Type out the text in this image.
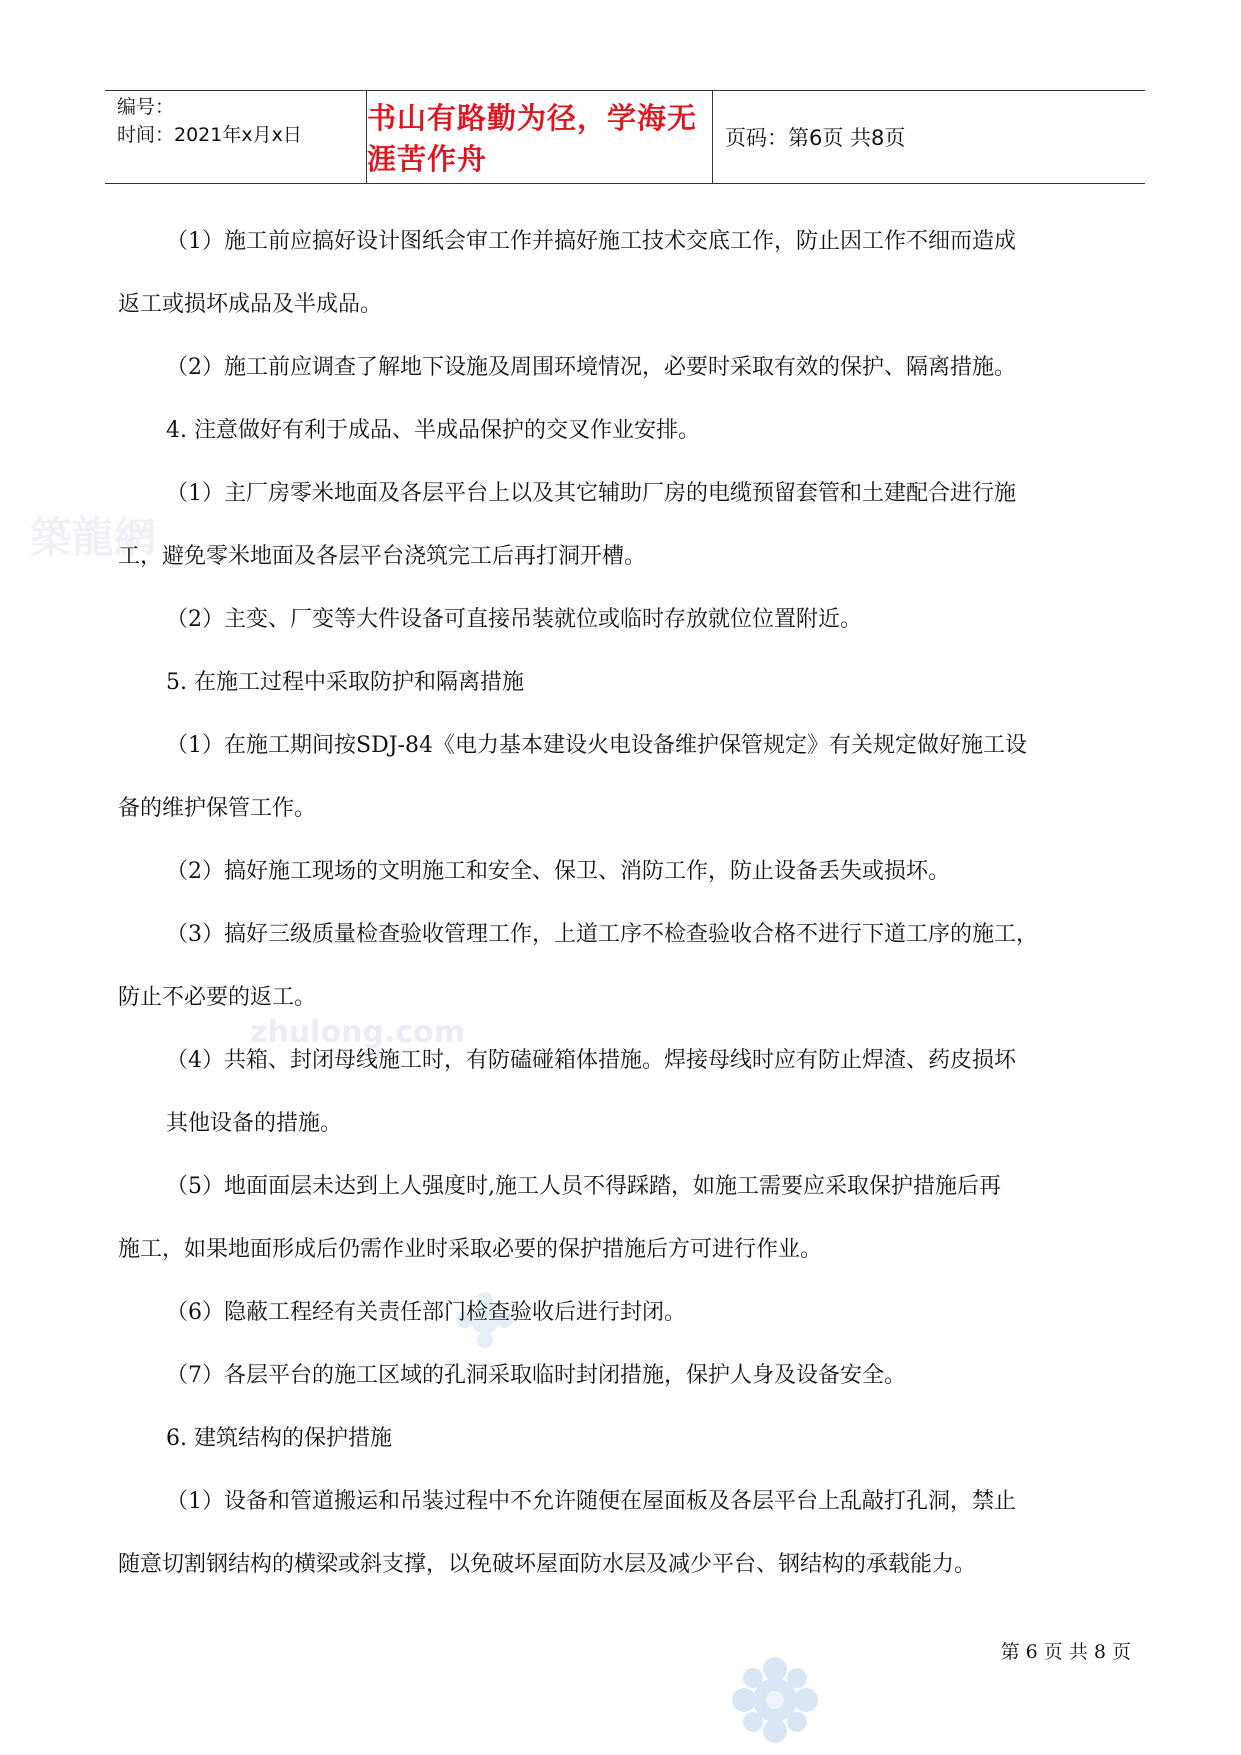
築龍網
zhulong.com
编号：
时间：2021年x月x日	书山有路勤为径，学海无涯苦作舟
页码：第6页 共8页

（1）施工前应搞好设计图纸会审工作并搞好施工技术交底工作，防止因工作不细而造成

返工或损坏成品及半成品。

（2）施工前应调查了解地下设施及周围环境情况，必要时采取有效的保护、隔离措施。

4. 注意做好有利于成品、半成品保护的交叉作业安排。

（1）主厂房零米地面及各层平台上以及其它辅助厂房的电缆预留套管和土建配合进行施

工，避免零米地面及各层平台浇筑完工后再打洞开槽。

（2）主变、厂变等大件设备可直接吊装就位或临时存放就位位置附近。

5. 在施工过程中采取防护和隔离措施

（1）在施工期间按SDJ-84《电力基本建设火电设备维护保管规定》有关规定做好施工设

备的维护保管工作。

（2）搞好施工现场的文明施工和安全、保卫、消防工作，防止设备丢失或损坏。

（3）搞好三级质量检查验收管理工作，上道工序不检查验收合格不进行下道工序的施工，

防止不必要的返工。

（4）共箱、封闭母线施工时，有防磕碰箱体措施。焊接母线时应有防止焊渣、药皮损坏

其他设备的措施。

（5）地面面层未达到上人强度时,施工人员不得踩踏，如施工需要应采取保护措施后再

施工，如果地面形成后仍需作业时采取必要的保护措施后方可进行作业。

（6）隐蔽工程经有关责任部门检查验收后进行封闭。

（7）各层平台的施工区域的孔洞采取临时封闭措施，保护人身及设备安全。

6. 建筑结构的保护措施

（1）设备和管道搬运和吊装过程中不允许随便在屋面板及各层平台上乱敲打孔洞，禁止

随意切割钢结构的横梁或斜支撑，以免破坏屋面防水层及减少平台、钢结构的承载能力。

第 6 页 共 8 页
